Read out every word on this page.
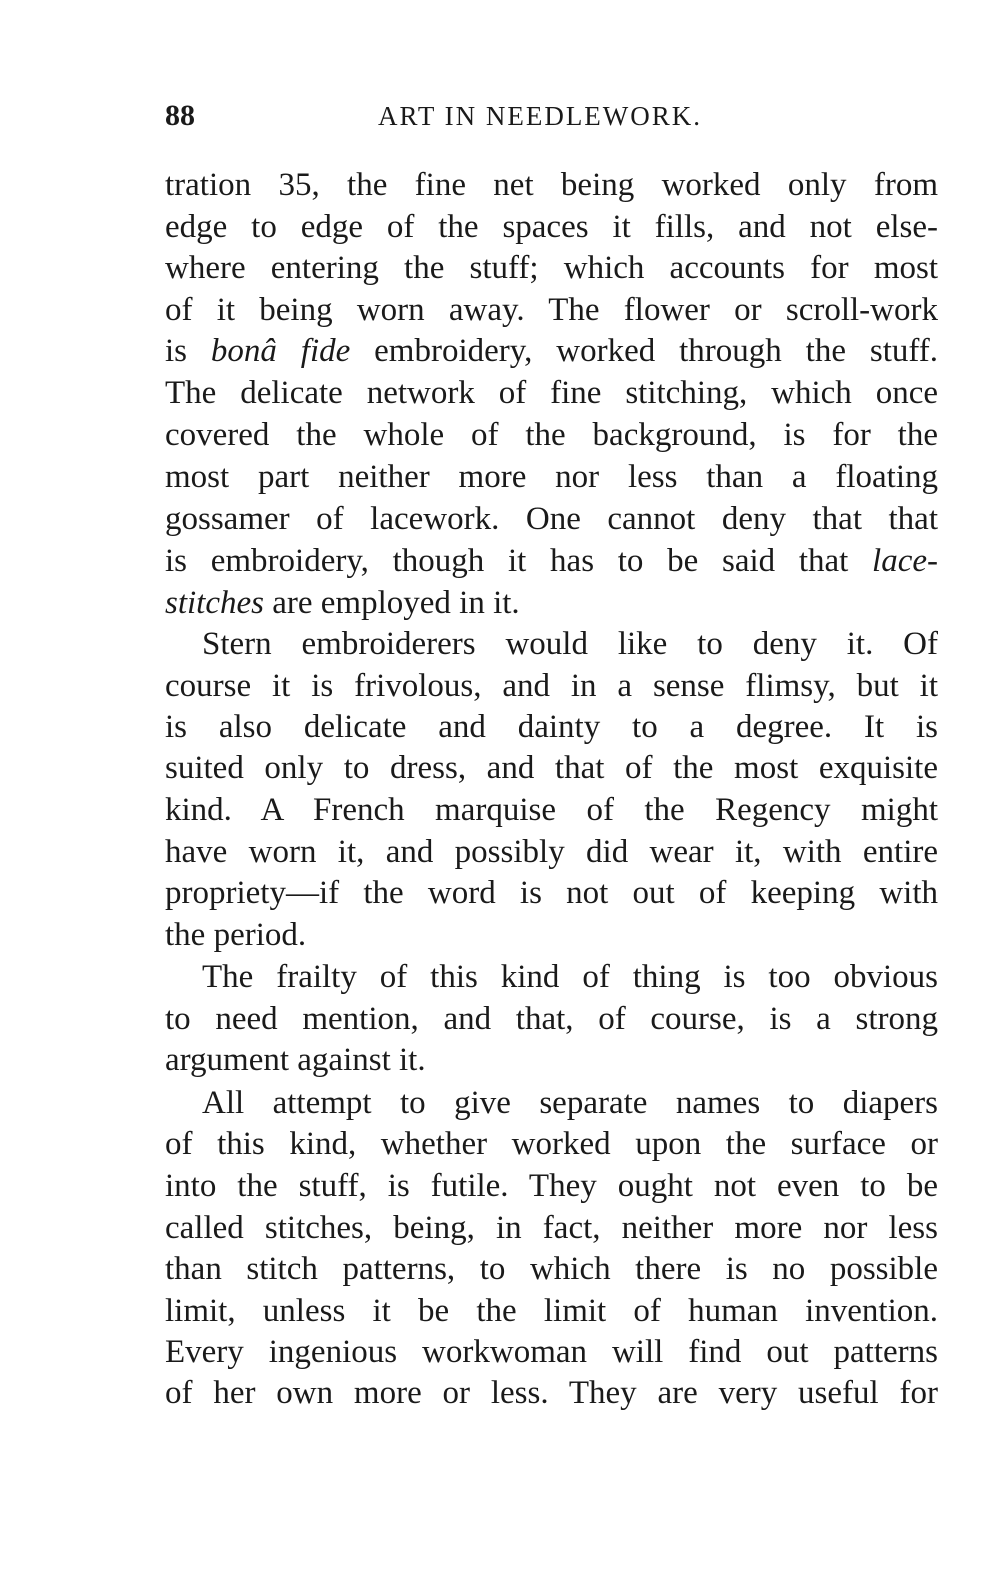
88	ART IN NEEDLEWORK.
tration 35, the fine net being worked only from
edge to edge of the spaces it fills, and not else-
where entering the stuff; which accounts for most
of it being worn away. The flower or scroll-work
is bonâ fide embroidery, worked through the stuff.
The delicate network of fine stitching, which once
covered the whole of the background, is for the
most part neither more nor less than a floating
gossamer of lacework. One cannot deny that that
is embroidery, though it has to be said that lace-
stitches are employed in it.
Stern embroiderers would like to deny it. Of
course it is frivolous, and in a sense flimsy, but it
is also delicate and dainty to a degree. It is
suited only to dress, and that of the most exquisite
kind. A French marquise of the Regency might
have worn it, and possibly did wear it, with entire
propriety—if the word is not out of keeping with
the period.
The frailty of this kind of thing is too obvious
to need mention, and that, of course, is a strong
argument against it.
All attempt to give separate names to diapers
of this kind, whether worked upon the surface or
into the stuff, is futile. They ought not even to be
called stitches, being, in fact, neither more nor less
than stitch patterns, to which there is no possible
limit, unless it be the limit of human invention.
Every ingenious workwoman will find out patterns
of her own more or less. They are very useful for
